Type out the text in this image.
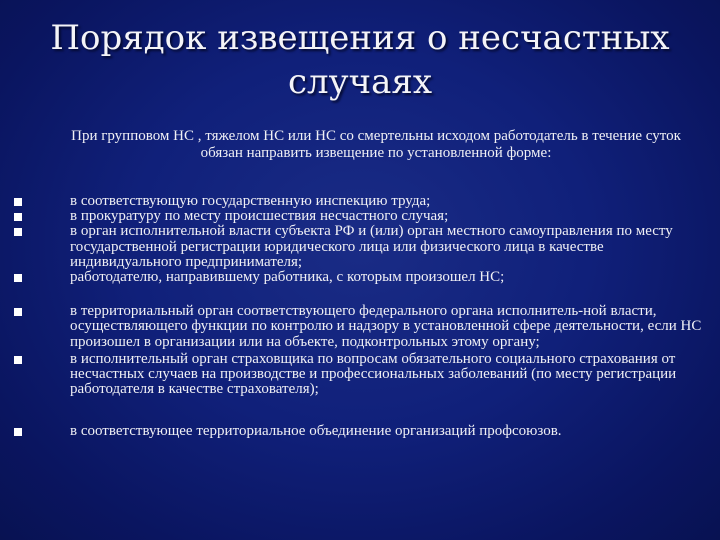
Порядок извещения о несчастных случаях
При групповом НС , тяжелом НС или НС со смертельны исходом работодатель в течение суток обязан направить извещение по установленной форме:
в соответствующую государственную инспекцию труда;
в прокуратуру по месту происшествия несчастного случая;
в орган исполнительной власти субъекта РФ и (или) орган местного самоуправления по месту государственной регистрации юридического лица или физического лица в качестве индивидуального предпринимателя;
работодателю, направившему работника, с которым произошел НС;
в территориальный орган соответствующего федерального органа исполнитель-ной власти, осуществляющего функции по контролю и надзору в установленной сфере деятельности, если НС произошел в организации или на объекте, подконтрольных этому органу;
в исполнительный орган страховщика по вопросам обязательного социального страхования от несчастных случаев на производстве и профессиональных заболеваний (по месту регистрации работодателя в качестве страхователя);
в соответствующее территориальное объединение организаций профсоюзов.
